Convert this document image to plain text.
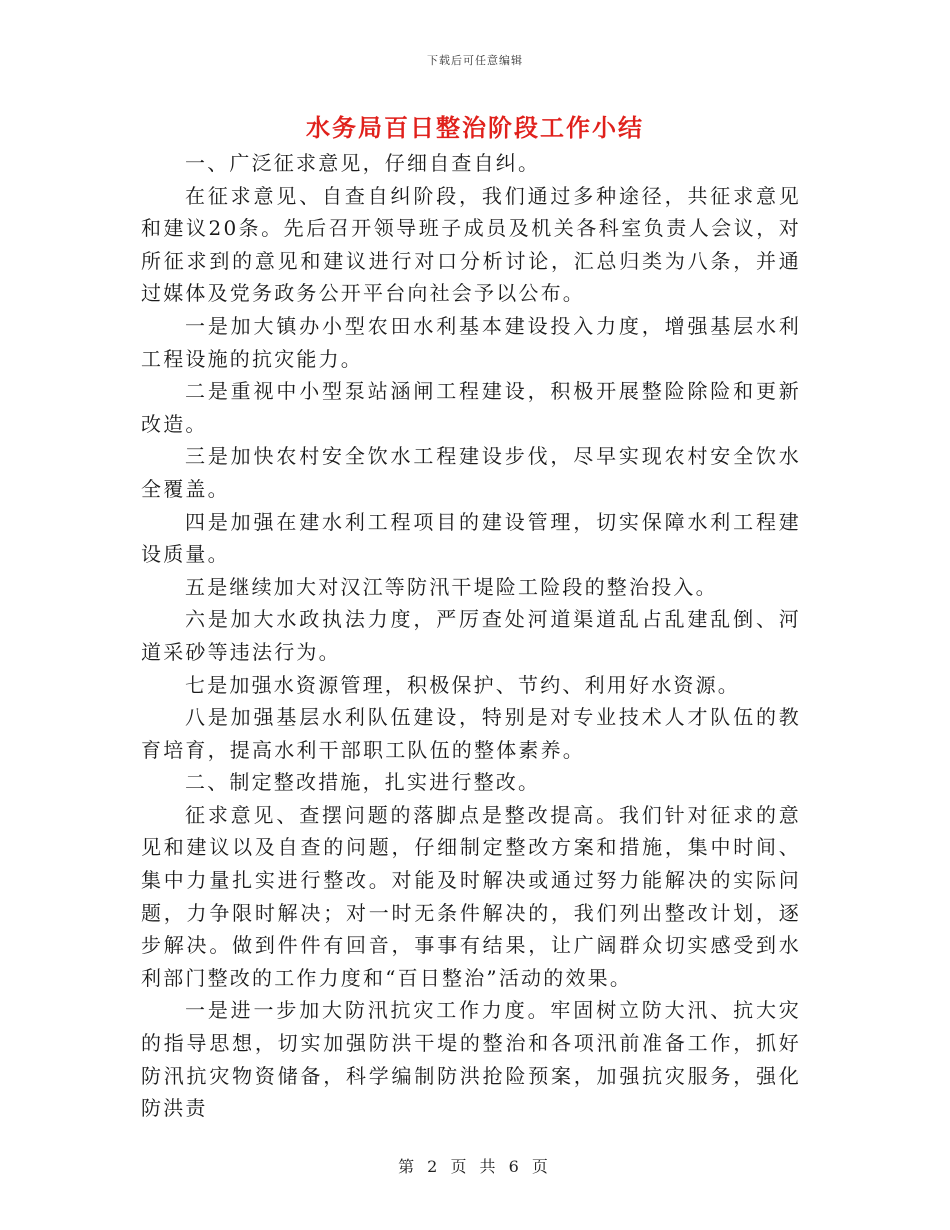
下载后可任意编辑
水务局百日整治阶段工作小结

一、广泛征求意见，仔细自查自纠。

在征求意见、自查自纠阶段，我们通过多种途径，共征求意见和建议20条。先后召开领导班子成员及机关各科室负责人会议，对所征求到的意见和建议进行对口分析讨论，汇总归类为八条，并通过媒体及党务政务公开平台向社会予以公布。

一是加大镇办小型农田水利基本建设投入力度，增强基层水利工程设施的抗灾能力。

二是重视中小型泵站涵闸工程建设，积极开展整险除险和更新改造。

三是加快农村安全饮水工程建设步伐，尽早实现农村安全饮水全覆盖。

四是加强在建水利工程项目的建设管理，切实保障水利工程建设质量。

五是继续加大对汉江等防汛干堤险工险段的整治投入。

六是加大水政执法力度，严厉查处河道渠道乱占乱建乱倒、河道采砂等违法行为。

七是加强水资源管理，积极保护、节约、利用好水资源。

八是加强基层水利队伍建设，特别是对专业技术人才队伍的教育培育，提高水利干部职工队伍的整体素养。

二、制定整改措施，扎实进行整改。

征求意见、查摆问题的落脚点是整改提高。我们针对征求的意见和建议以及自查的问题，仔细制定整改方案和措施，集中时间、集中力量扎实进行整改。对能及时解决或通过努力能解决的实际问题，力争限时解决；对一时无条件解决的，我们列出整改计划，逐步解决。做到件件有回音，事事有结果，让广阔群众切实感受到水利部门整改的工作力度和“百日整治”活动的效果。

一是进一步加大防汛抗灾工作力度。牢固树立防大汛、抗大灾的指导思想，切实加强防洪干堤的整治和各项汛前准备工作，抓好防汛抗灾物资储备，科学编制防洪抢险预案，加强抗灾服务，强化防洪责

第 2 页 共 6 页
